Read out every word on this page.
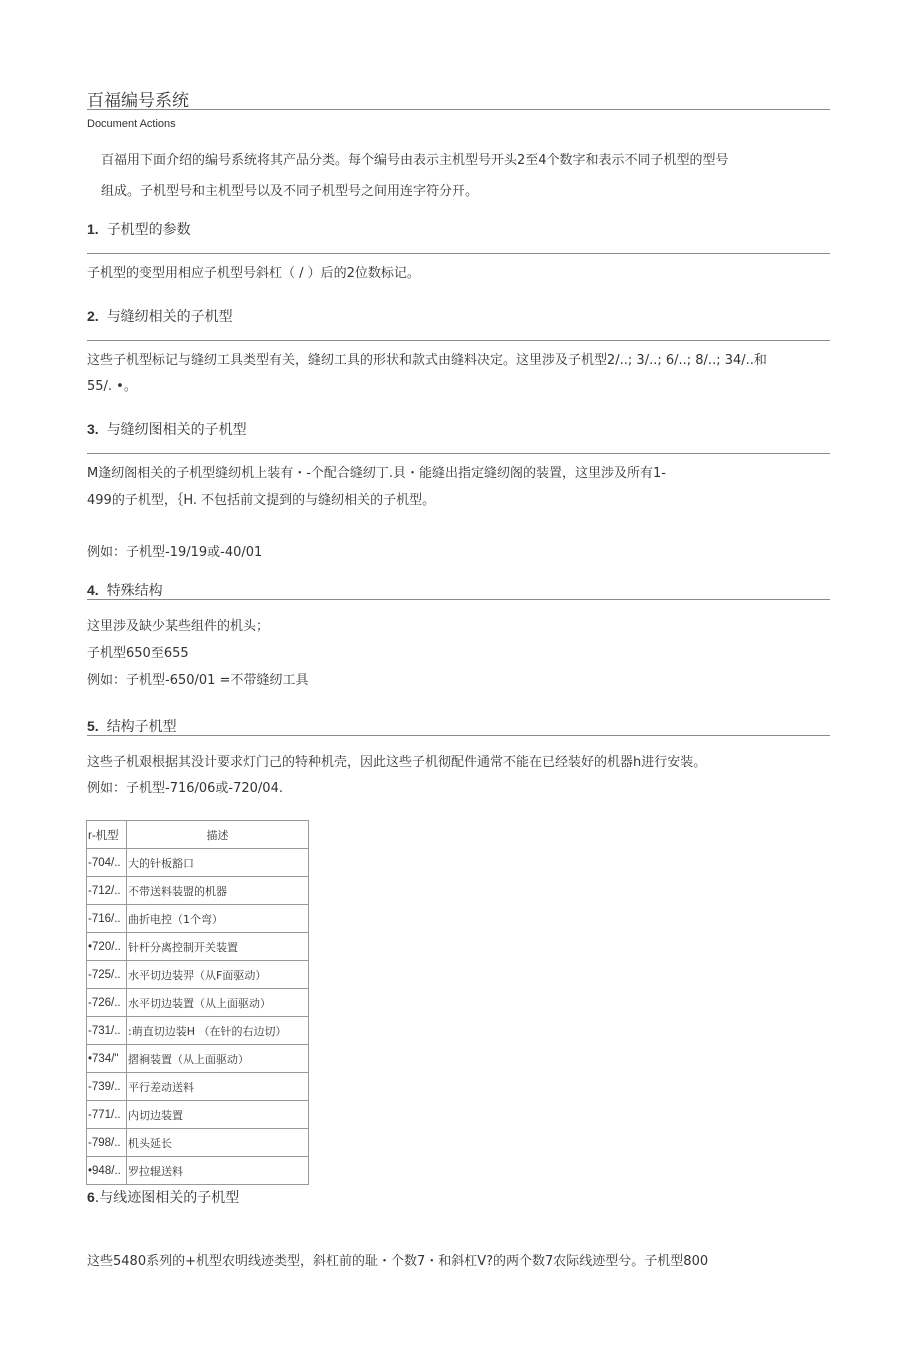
百福编号系统
Document Actions
百福用下面介绍的编号系统将其产品分类。每个编号由表示主机型号开头2至4个数字和表示不同子机型的型号
组成。子机型号和主机型号以及不同子机型号之间用连字符分幵。
1. 子机型的参数
子机型的变型用相应子机型号斜杠（ / ）后的2位数标记。
2. 与缝纫相关的子机型
这些子机型标记与缝纫工具类型有关，缝纫工具的形状和款式由缝料决定。这里涉及子机型2/..; 3/..; 6/..; 8/..; 34/..和
55/. •。
3. 与缝纫图相关的子机型
M逢纫阁相关的子机型缝纫机上装有・-个配合缝纫丁.貝・能缝出指定缝纫阁的装置，这里涉及所有1-
499的子机型，｛H. 不包括前文提到的与缝纫相关的子机型。
例如：子机型-19/19或-40/01
4. 特殊结构
这里涉及缺少某些组件的机头；
子机型650至655
例如：子机型-650/01 =不带缝纫工具
5. 结构子机型
这些子机艰根据其没计要求灯门己的特种机壳，因此这些子机彻配件通常不能在已经装好的机器h进行安装。
例如：子机型-716/06或-720/04.
r-机型	描述
-704/..	大的针板豁口
-712/..	不带送料装盟的机器
-716/..	曲折电控（1个弯）
•720/..	针杆分离控制开关装置
-725/..	水平切边装羿（从F面驱动）
-726/..	水平切边装置（从上面驱动）
-731/..	:萌直切边装H （在针的右边切）
•734/"	摺裥装置（从上面驱动）
-739/..	平行差动送料
-771/..	内切边装置
-798/..	机头延长
•948/..	罗拉辊送料
6.与线迹图相关的子机型
这些5480系列的+机型农明线迹类型，斜杠前的耻・个数7・和斜杠V?的两个数7农际线迹型兮。子机型800
